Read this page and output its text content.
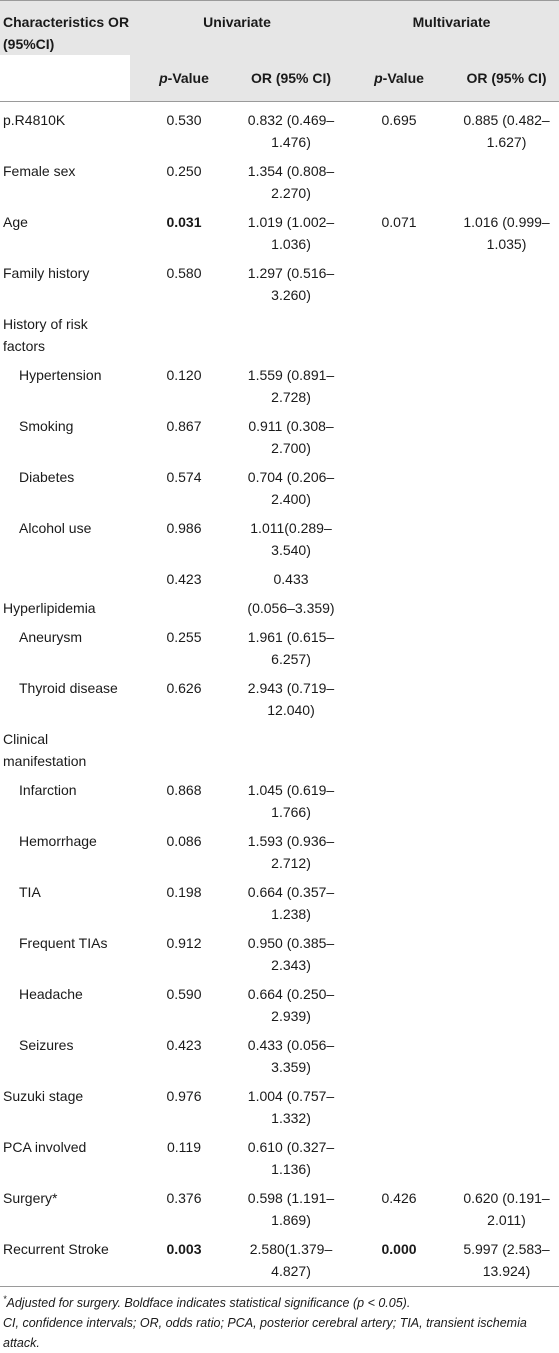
Characteristics OR (95%CI)	Univariate		Multivariate	
	p-Value	OR (95% CI)	p-Value	OR (95% CI)
p.R4810K	0.530	0.832 (0.469–1.476)	0.695	0.885 (0.482–1.627)
Female sex	0.250	1.354 (0.808–2.270)		
Age	0.031	1.019 (1.002–1.036)	0.071	1.016 (0.999–1.035)
Family history	0.580	1.297 (0.516–3.260)		
History of risk factors				
Hypertension	0.120	1.559 (0.891–2.728)		
Smoking	0.867	0.911 (0.308–2.700)		
Diabetes	0.574	0.704 (0.206–2.400)		
Alcohol use	0.986	1.011(0.289–3.540)		
	0.423	0.433		
Hyperlipidemia		(0.056–3.359)		
Aneurysm	0.255	1.961 (0.615–6.257)		
Thyroid disease	0.626	2.943 (0.719–12.040)		
Clinical manifestation				
Infarction	0.868	1.045 (0.619–1.766)		
Hemorrhage	0.086	1.593 (0.936–2.712)		
TIA	0.198	0.664 (0.357–1.238)		
Frequent TIAs	0.912	0.950 (0.385–2.343)		
Headache	0.590	0.664 (0.250–2.939)		
Seizures	0.423	0.433 (0.056–3.359)		
Suzuki stage	0.976	1.004 (0.757–1.332)		
PCA involved	0.119	0.610 (0.327–1.136)		
Surgery*	0.376	0.598 (1.191–1.869)	0.426	0.620 (0.191–2.011)
Recurrent Stroke	0.003	2.580(1.379–4.827)	0.000	5.997 (2.583–13.924)
*Adjusted for surgery. Boldface indicates statistical significance (p < 0.05).
CI, confidence intervals; OR, odds ratio; PCA, posterior cerebral artery; TIA, transient ischemia attack.
